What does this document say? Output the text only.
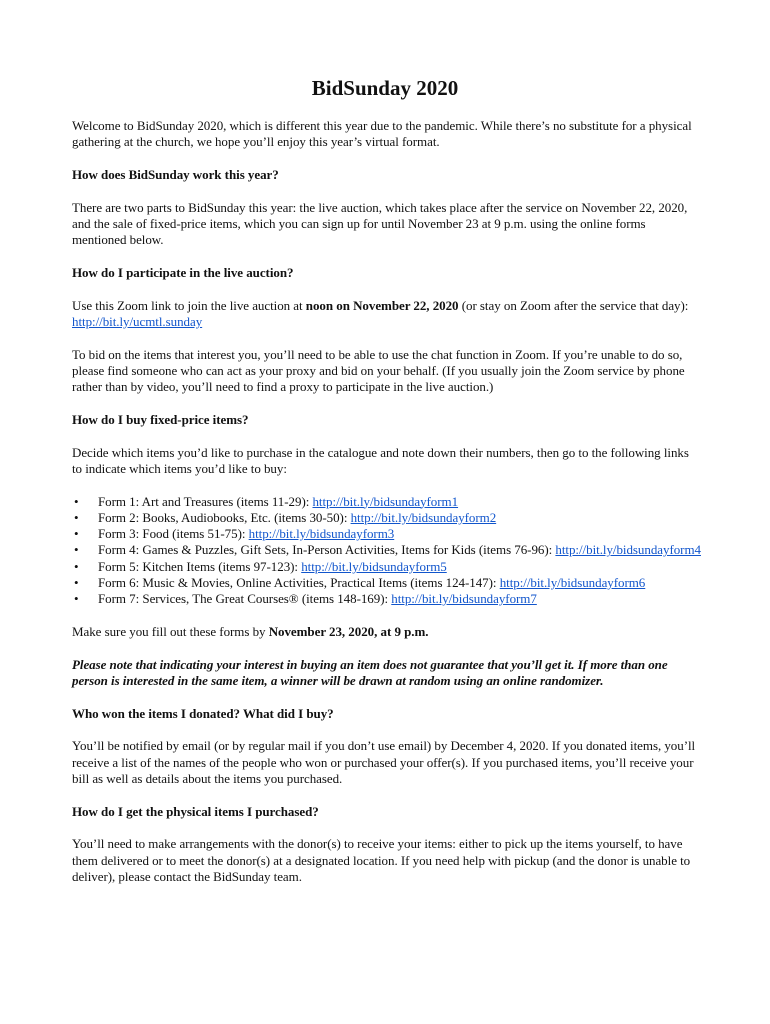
BidSunday 2020

Welcome to BidSunday 2020, which is different this year due to the pandemic. While there’s no substitute for a physical gathering at the church, we hope you’ll enjoy this year’s virtual format.

How does BidSunday work this year?

There are two parts to BidSunday this year: the live auction, which takes place after the service on November 22, 2020, and the sale of fixed-price items, which you can sign up for until November 23 at 9 p.m. using the online forms mentioned below.

How do I participate in the live auction?

Use this Zoom link to join the live auction at noon on November 22, 2020 (or stay on Zoom after the service that day): http://bit.ly/ucmtl.sunday

To bid on the items that interest you, you’ll need to be able to use the chat function in Zoom. If you’re unable to do so, please find someone who can act as your proxy and bid on your behalf. (If you usually join the Zoom service by phone rather than by video, you’ll need to find a proxy to participate in the live auction.)

How do I buy fixed-price items?

Decide which items you’d like to purchase in the catalogue and note down their numbers, then go to the following links to indicate which items you’d like to buy:

• Form 1: Art and Treasures (items 11-29): http://bit.ly/bidsundayform1
• Form 2: Books, Audiobooks, Etc. (items 30-50): http://bit.ly/bidsundayform2
• Form 3: Food (items 51-75): http://bit.ly/bidsundayform3
• Form 4: Games & Puzzles, Gift Sets, In-Person Activities, Items for Kids (items 76-96): http://bit.ly/bidsundayform4
• Form 5: Kitchen Items (items 97-123): http://bit.ly/bidsundayform5
• Form 6: Music & Movies, Online Activities, Practical Items (items 124-147): http://bit.ly/bidsundayform6
• Form 7: Services, The Great Courses® (items 148-169): http://bit.ly/bidsundayform7

Make sure you fill out these forms by November 23, 2020, at 9 p.m.

Please note that indicating your interest in buying an item does not guarantee that you’ll get it. If more than one person is interested in the same item, a winner will be drawn at random using an online randomizer.

Who won the items I donated? What did I buy?

You’ll be notified by email (or by regular mail if you don’t use email) by December 4, 2020. If you donated items, you’ll receive a list of the names of the people who won or purchased your offer(s). If you purchased items, you’ll receive your bill as well as details about the items you purchased.

How do I get the physical items I purchased?

You’ll need to make arrangements with the donor(s) to receive your items: either to pick up the items yourself, to have them delivered or to meet the donor(s) at a designated location. If you need help with pickup (and the donor is unable to deliver), please contact the BidSunday team.
